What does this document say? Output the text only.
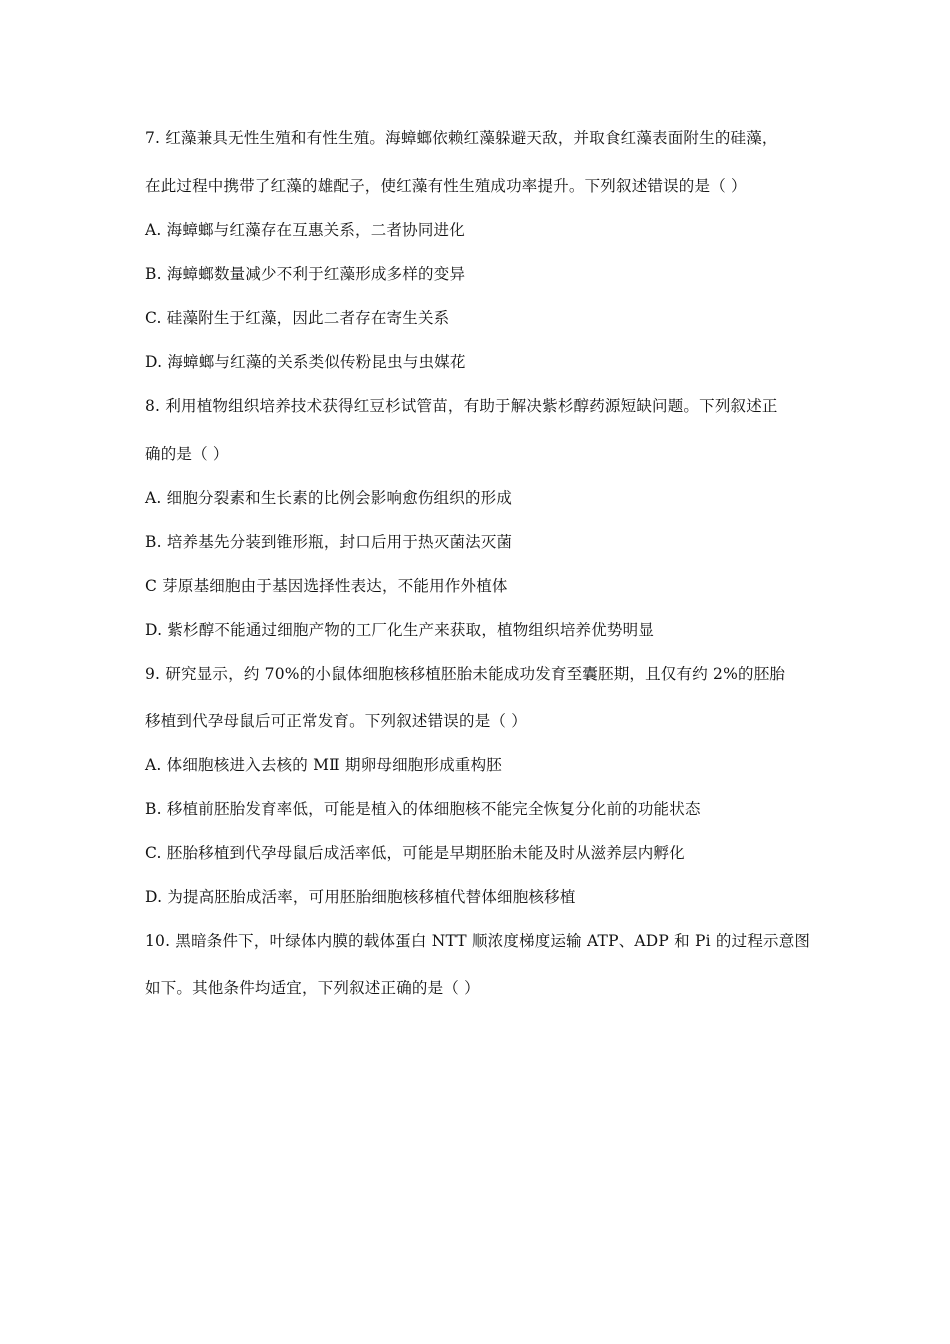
7. 红藻兼具无性生殖和有性生殖。海蟑螂依赖红藻躲避天敌，并取食红藻表面附生的硅藻，
在此过程中携带了红藻的雄配子，使红藻有性生殖成功率提升。下列叙述错误的是（ ）
A. 海蟑螂与红藻存在互惠关系，二者协同进化
B. 海蟑螂数量减少不利于红藻形成多样的变异
C. 硅藻附生于红藻，因此二者存在寄生关系
D. 海蟑螂与红藻的关系类似传粉昆虫与虫媒花
8. 利用植物组织培养技术获得红豆杉试管苗，有助于解决紫杉醇药源短缺问题。下列叙述正
确的是（ ）
A. 细胞分裂素和生长素的比例会影响愈伤组织的形成
B. 培养基先分装到锥形瓶，封口后用于热灭菌法灭菌
C 芽原基细胞由于基因选择性表达，不能用作外植体
D. 紫杉醇不能通过细胞产物的工厂化生产来获取，植物组织培养优势明显
9. 研究显示，约 70%的小鼠体细胞核移植胚胎未能成功发育至囊胚期，且仅有约 2%的胚胎
移植到代孕母鼠后可正常发育。下列叙述错误的是（ ）
A. 体细胞核进入去核的 MⅡ 期卵母细胞形成重构胚
B. 移植前胚胎发育率低，可能是植入的体细胞核不能完全恢复分化前的功能状态
C. 胚胎移植到代孕母鼠后成活率低，可能是早期胚胎未能及时从滋养层内孵化
D. 为提高胚胎成活率，可用胚胎细胞核移植代替体细胞核移植
10. 黑暗条件下，叶绿体内膜的载体蛋白 NTT 顺浓度梯度运输 ATP、ADP 和 Pi 的过程示意图
如下。其他条件均适宜，下列叙述正确的是（ ）
